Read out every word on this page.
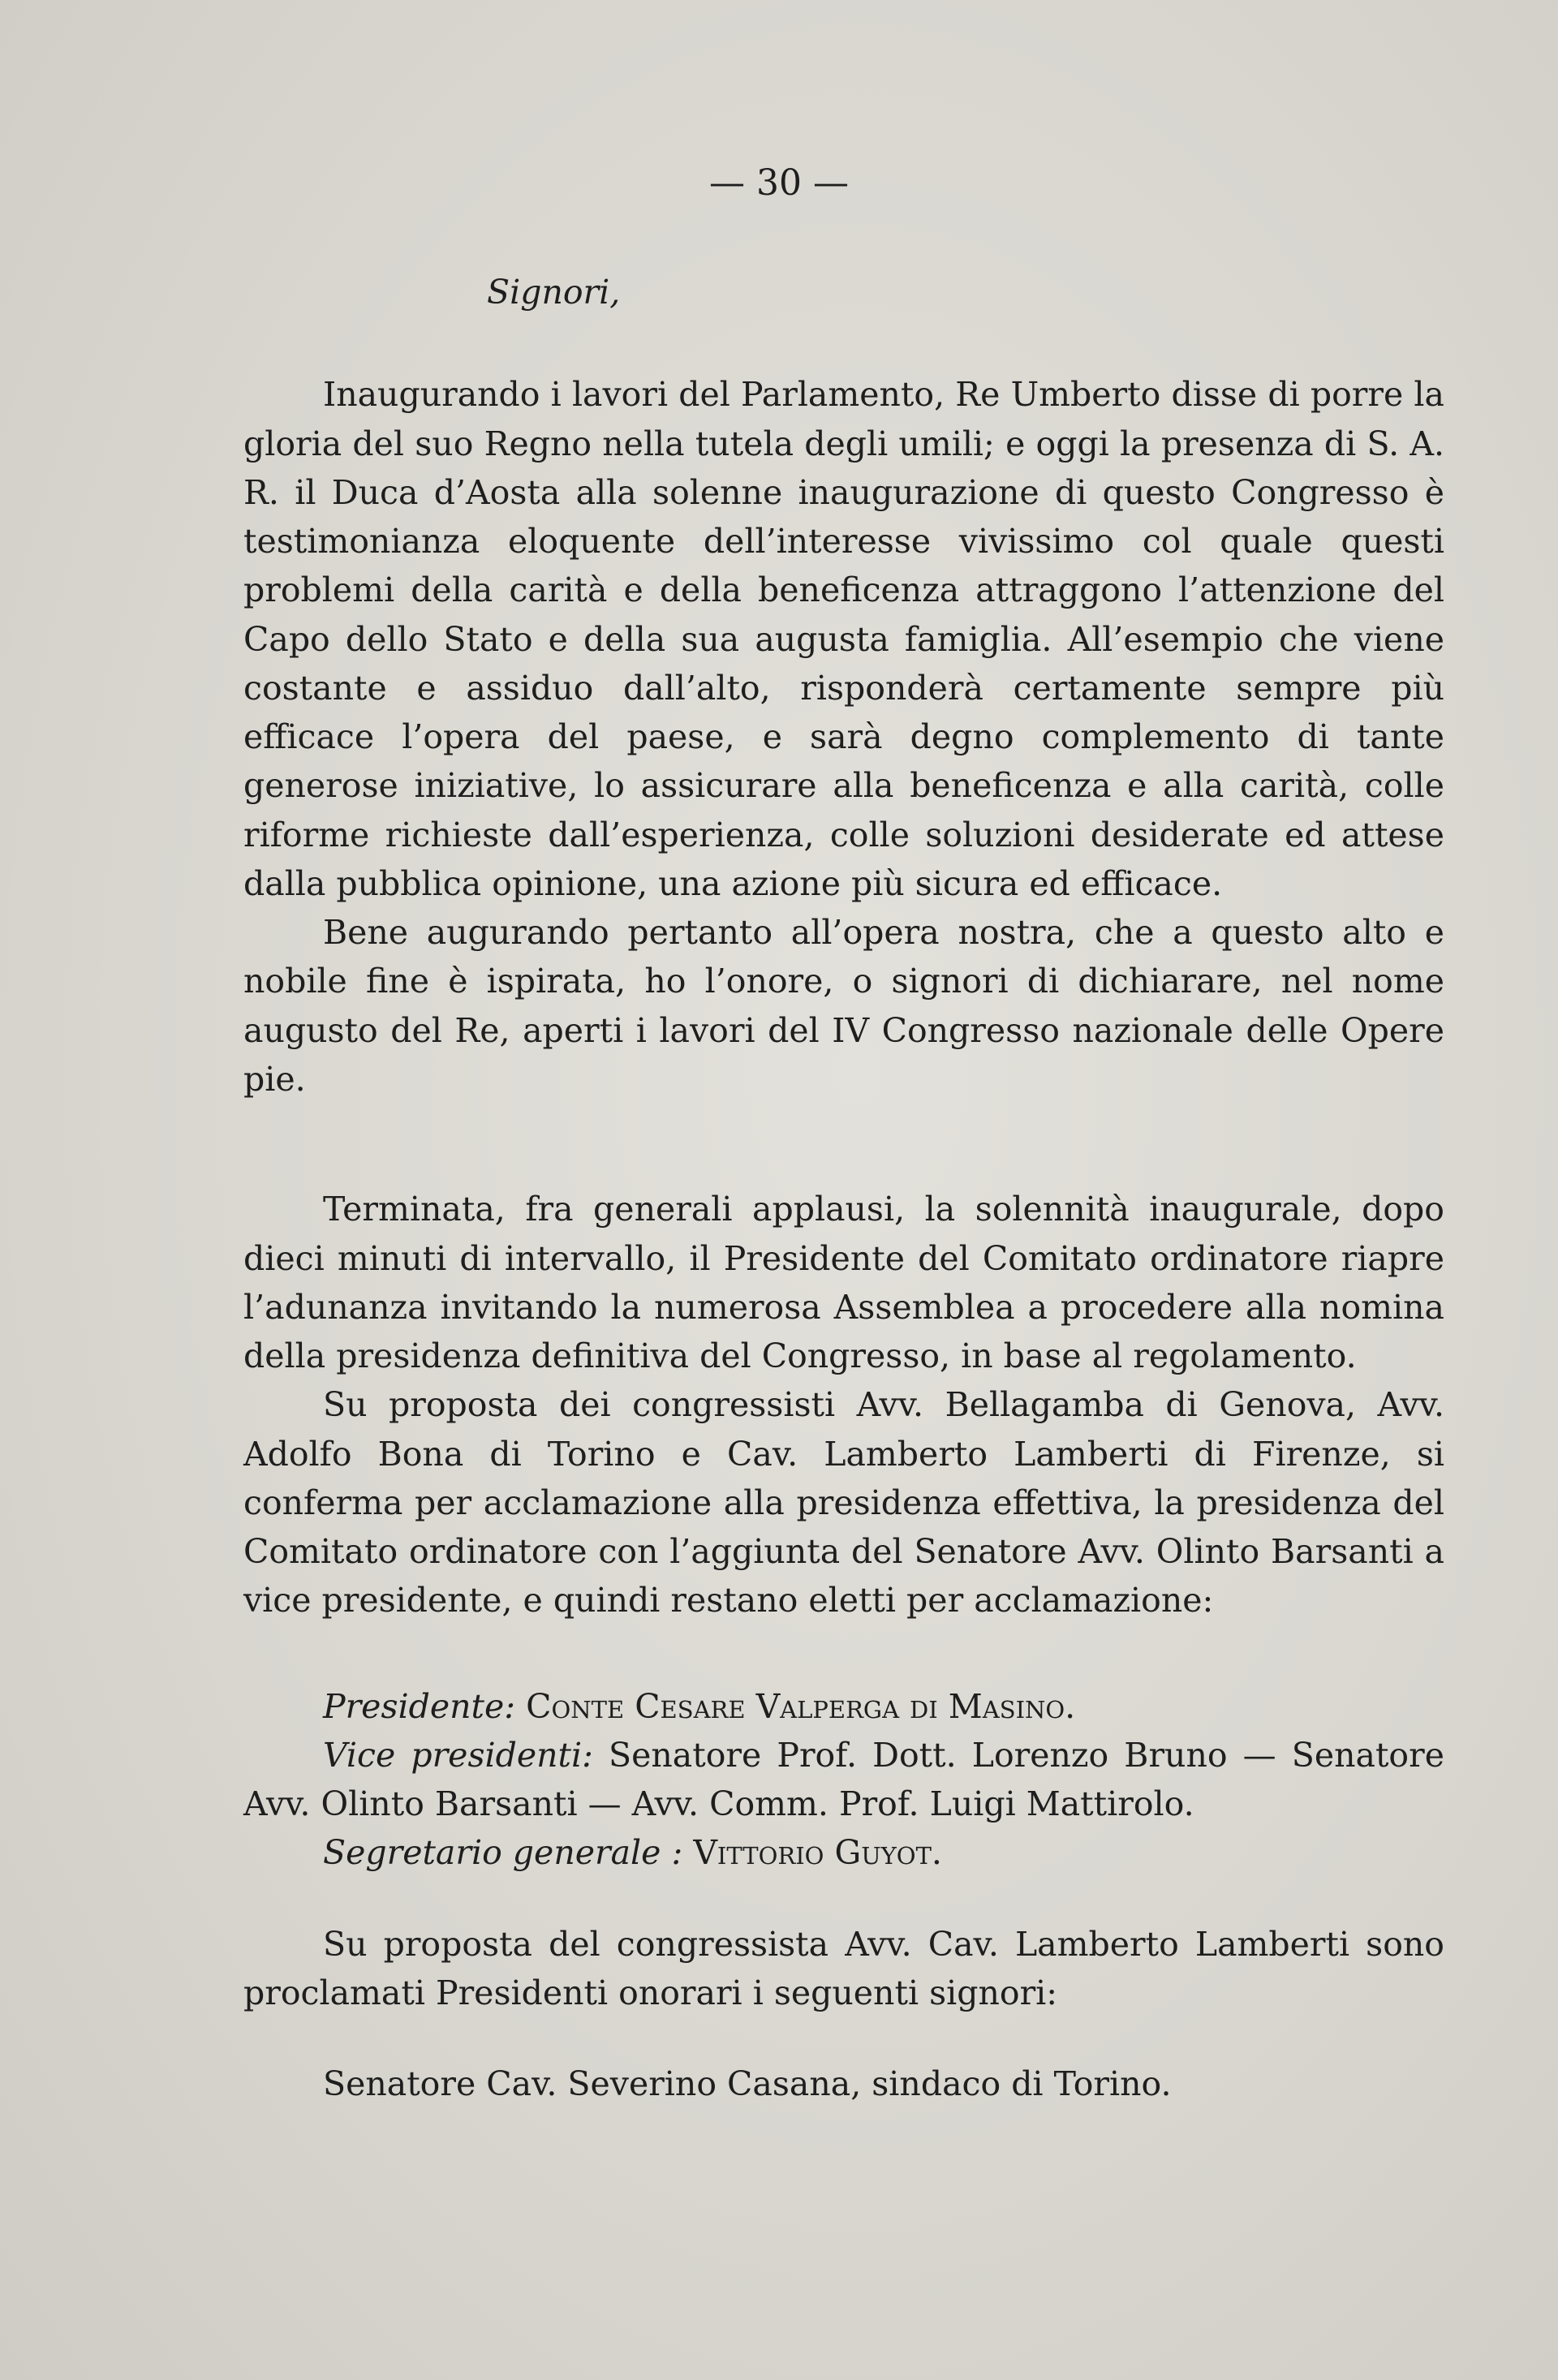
— 30 —

Signori,

Inaugurando i lavori del Parlamento, Re Umberto disse di porre la gloria del suo Regno nella tutela degli umili; e oggi la presenza di S. A. R. il Duca d’Aosta alla solenne inaugurazione di questo Congresso è testimonianza eloquente dell’interesse vivissimo col quale questi problemi della carità e della beneficenza attraggono l’attenzione del Capo dello Stato e della sua augusta famiglia. All’esempio che viene costante e assiduo dall’alto, risponderà certamente sempre più efficace l’opera del paese, e sarà degno complemento di tante generose iniziative, lo assicurare alla beneficenza e alla carità, colle riforme richieste dall’esperienza, colle soluzioni desiderate ed attese dalla pubblica opinione, una azione più sicura ed efficace.

Bene augurando pertanto all’opera nostra, che a questo alto e nobile fine è ispirata, ho l’onore, o signori di dichiarare, nel nome augusto del Re, aperti i lavori del IV Congresso nazionale delle Opere pie.

Terminata, fra generali applausi, la solennità inaugurale, dopo dieci minuti di intervallo, il Presidente del Comitato ordinatore riapre l’adunanza invitando la numerosa Assemblea a procedere alla nomina della presidenza definitiva del Congresso, in base al regolamento.

Su proposta dei congressisti Avv. Bellagamba di Genova, Avv. Adolfo Bona di Torino e Cav. Lamberto Lamberti di Firenze, si conferma per acclamazione alla presidenza effettiva, la presidenza del Comitato ordinatore con l’aggiunta del Senatore Avv. Olinto Barsanti a vice presidente, e quindi restano eletti per acclamazione:

Presidente: Conte Cesare Valperga di Masino.

Vice presidenti: Senatore Prof. Dott. Lorenzo Bruno — Senatore Avv. Olinto Barsanti — Avv. Comm. Prof. Luigi Mattirolo.

Segretario generale : Vittorio Guyot.

Su proposta del congressista Avv. Cav. Lamberto Lamberti sono proclamati Presidenti onorari i seguenti signori:

Senatore Cav. Severino Casana, sindaco di Torino.
